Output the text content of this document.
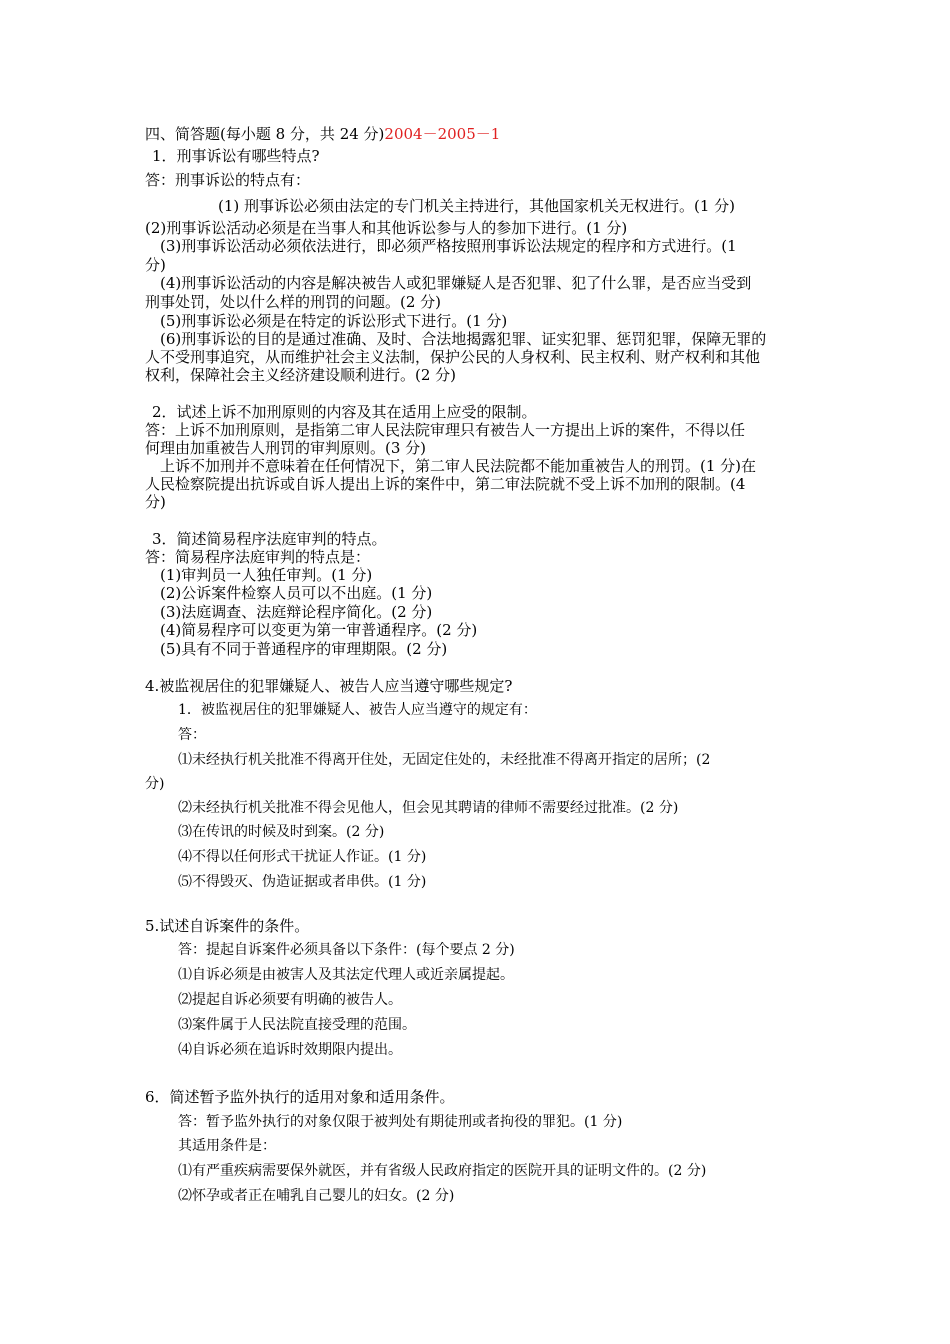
四、简答题(每小题 8 分，共 24 分)2004－2005－1
1．刑事诉讼有哪些特点?
答：刑事诉讼的特点有：
(1) 刑事诉讼必须由法定的专门机关主持进行，其他国家机关无权进行。(1 分)
(2)刑事诉讼活动必须是在当事人和其他诉讼参与人的参加下进行。(1 分)
(3)刑事诉讼活动必须依法进行，即必须严格按照刑事诉讼法规定的程序和方式进行。(1
分)
(4)刑事诉讼活动的内容是解决被告人或犯罪嫌疑人是否犯罪、犯了什么罪，是否应当受到
刑事处罚，处以什么样的刑罚的问题。(2 分)
(5)刑事诉讼必须是在特定的诉讼形式下进行。(1 分)
(6)刑事诉讼的目的是通过准确、及时、合法地揭露犯罪、证实犯罪、惩罚犯罪，保障无罪的
人不受刑事追究，从而维护社会主义法制，保护公民的人身权利、民主权利、财产权利和其他
权利，保障社会主义经济建设顺利进行。(2 分)
2．试述上诉不加刑原则的内容及其在适用上应受的限制。
答：上诉不加刑原则，是指第二审人民法院审理只有被告人一方提出上诉的案件，不得以任
何理由加重被告人刑罚的审判原则。(3 分)
上诉不加刑并不意味着在任何情况下，第二审人民法院都不能加重被告人的刑罚。(1 分)在
人民检察院提出抗诉或自诉人提出上诉的案件中，第二审法院就不受上诉不加刑的限制。(4
分)
3．简述简易程序法庭审判的特点。
答：简易程序法庭审判的特点是：
(1)审判员一人独任审判。(1 分)
(2)公诉案件检察人员可以不出庭。(1 分)
(3)法庭调查、法庭辩论程序简化。(2 分)
(4)简易程序可以变更为第一审普通程序。(2 分)
(5)具有不同于普通程序的审理期限。(2 分)
4.被监视居住的犯罪嫌疑人、被告人应当遵守哪些规定?
1．被监视居住的犯罪嫌疑人、被告人应当遵守的规定有：
答：
⑴未经执行机关批准不得离开住处，无固定住处的，未经批准不得离开指定的居所；(2
分)
⑵未经执行机关批准不得会见他人，但会见其聘请的律师不需要经过批准。(2 分)
⑶在传讯的时候及时到案。(2 分)
⑷不得以任何形式干扰证人作证。(1 分)
⑸不得毁灭、伪造证据或者串供。(1 分)
5.试述自诉案件的条件。
答：提起自诉案件必须具备以下条件：(每个要点 2 分)
⑴自诉必须是由被害人及其法定代理人或近亲属提起。
⑵提起自诉必须要有明确的被告人。
⑶案件属于人民法院直接受理的范围。
⑷自诉必须在追诉时效期限内提出。
6．简述暂予监外执行的适用对象和适用条件。
答：暂予监外执行的对象仅限于被判处有期徒刑或者拘役的罪犯。(1 分)
其适用条件是：
⑴有严重疾病需要保外就医，并有省级人民政府指定的医院开具的证明文件的。(2 分)
⑵怀孕或者正在哺乳自己婴儿的妇女。(2 分)
